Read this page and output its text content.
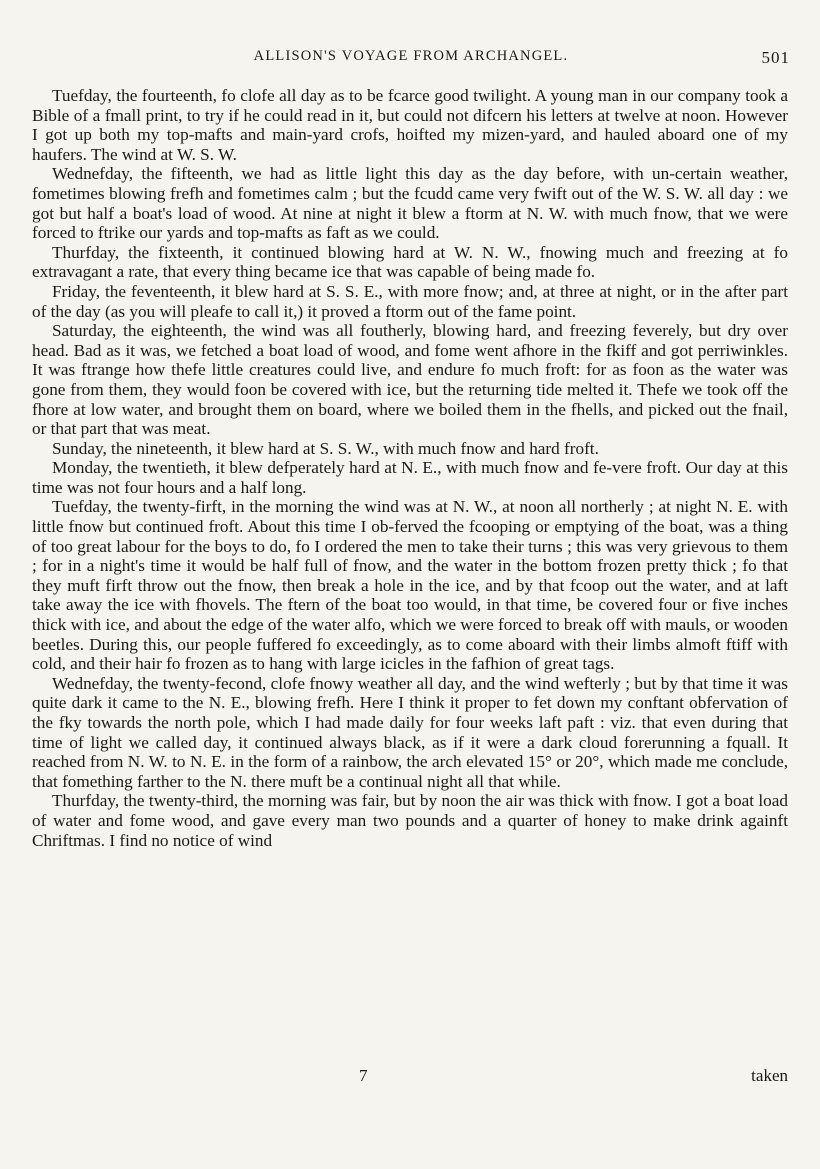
ALLISON'S VOYAGE FROM ARCHANGEL.	501

Tuefday, the fourteenth, fo clofe all day as to be fcarce good twilight. A young man in our company took a Bible of a fmall print, to try if he could read in it, but could not difcern his letters at twelve at noon. However I got up both my top-mafts and main-yard crofs, hoifted my mizen-yard, and hauled aboard one of my haufers. The wind at W. S. W.

Wednefday, the fifteenth, we had as little light this day as the day before, with un-certain weather, fometimes blowing frefh and fometimes calm ; but the fcudd came very fwift out of the W. S. W. all day : we got but half a boat's load of wood. At nine at night it blew a ftorm at N. W. with much fnow, that we were forced to ftrike our yards and top-mafts as faft as we could.

Thurfday, the fixteenth, it continued blowing hard at W. N. W., fnowing much and freezing at fo extravagant a rate, that every thing became ice that was capable of being made fo.

Friday, the feventeenth, it blew hard at S. S. E., with more fnow; and, at three at night, or in the after part of the day (as you will pleafe to call it,) it proved a ftorm out of the fame point.

Saturday, the eighteenth, the wind was all foutherly, blowing hard, and freezing feverely, but dry over head. Bad as it was, we fetched a boat load of wood, and fome went afhore in the fkiff and got perriwinkles. It was ftrange how thefe little creatures could live, and endure fo much froft: for as foon as the water was gone from them, they would foon be covered with ice, but the returning tide melted it. Thefe we took off the fhore at low water, and brought them on board, where we boiled them in the fhells, and picked out the fnail, or that part that was meat.

Sunday, the nineteenth, it blew hard at S. S. W., with much fnow and hard froft.

Monday, the twentieth, it blew defperately hard at N. E., with much fnow and fe-vere froft. Our day at this time was not four hours and a half long.

Tuefday, the twenty-firft, in the morning the wind was at N. W., at noon all northerly ; at night N. E. with little fnow but continued froft. About this time I ob-ferved the fcooping or emptying of the boat, was a thing of too great labour for the boys to do, fo I ordered the men to take their turns ; this was very grievous to them ; for in a night's time it would be half full of fnow, and the water in the bottom frozen pretty thick ; fo that they muft firft throw out the fnow, then break a hole in the ice, and by that fcoop out the water, and at laft take away the ice with fhovels. The ftern of the boat too would, in that time, be covered four or five inches thick with ice, and about the edge of the water alfo, which we were forced to break off with mauls, or wooden beetles. During this, our people fuffered fo exceedingly, as to come aboard with their limbs almoft ftiff with cold, and their hair fo frozen as to hang with large icicles in the fafhion of great tags.

Wednefday, the twenty-fecond, clofe fnowy weather all day, and the wind wefterly ; but by that time it was quite dark it came to the N. E., blowing frefh. Here I think it proper to fet down my conftant obfervation of the fky towards the north pole, which I had made daily for four weeks laft paft : viz. that even during that time of light we called day, it continued always black, as if it were a dark cloud forerunning a fquall. It reached from N. W. to N. E. in the form of a rainbow, the arch elevated 15° or 20°, which made me conclude, that fomething farther to the N. there muft be a continual night all that while.

Thurfday, the twenty-third, the morning was fair, but by noon the air was thick with fnow. I got a boat load of water and fome wood, and gave every man two pounds and a quarter of honey to make drink againft Chriftmas. I find no notice of wind

7	taken
